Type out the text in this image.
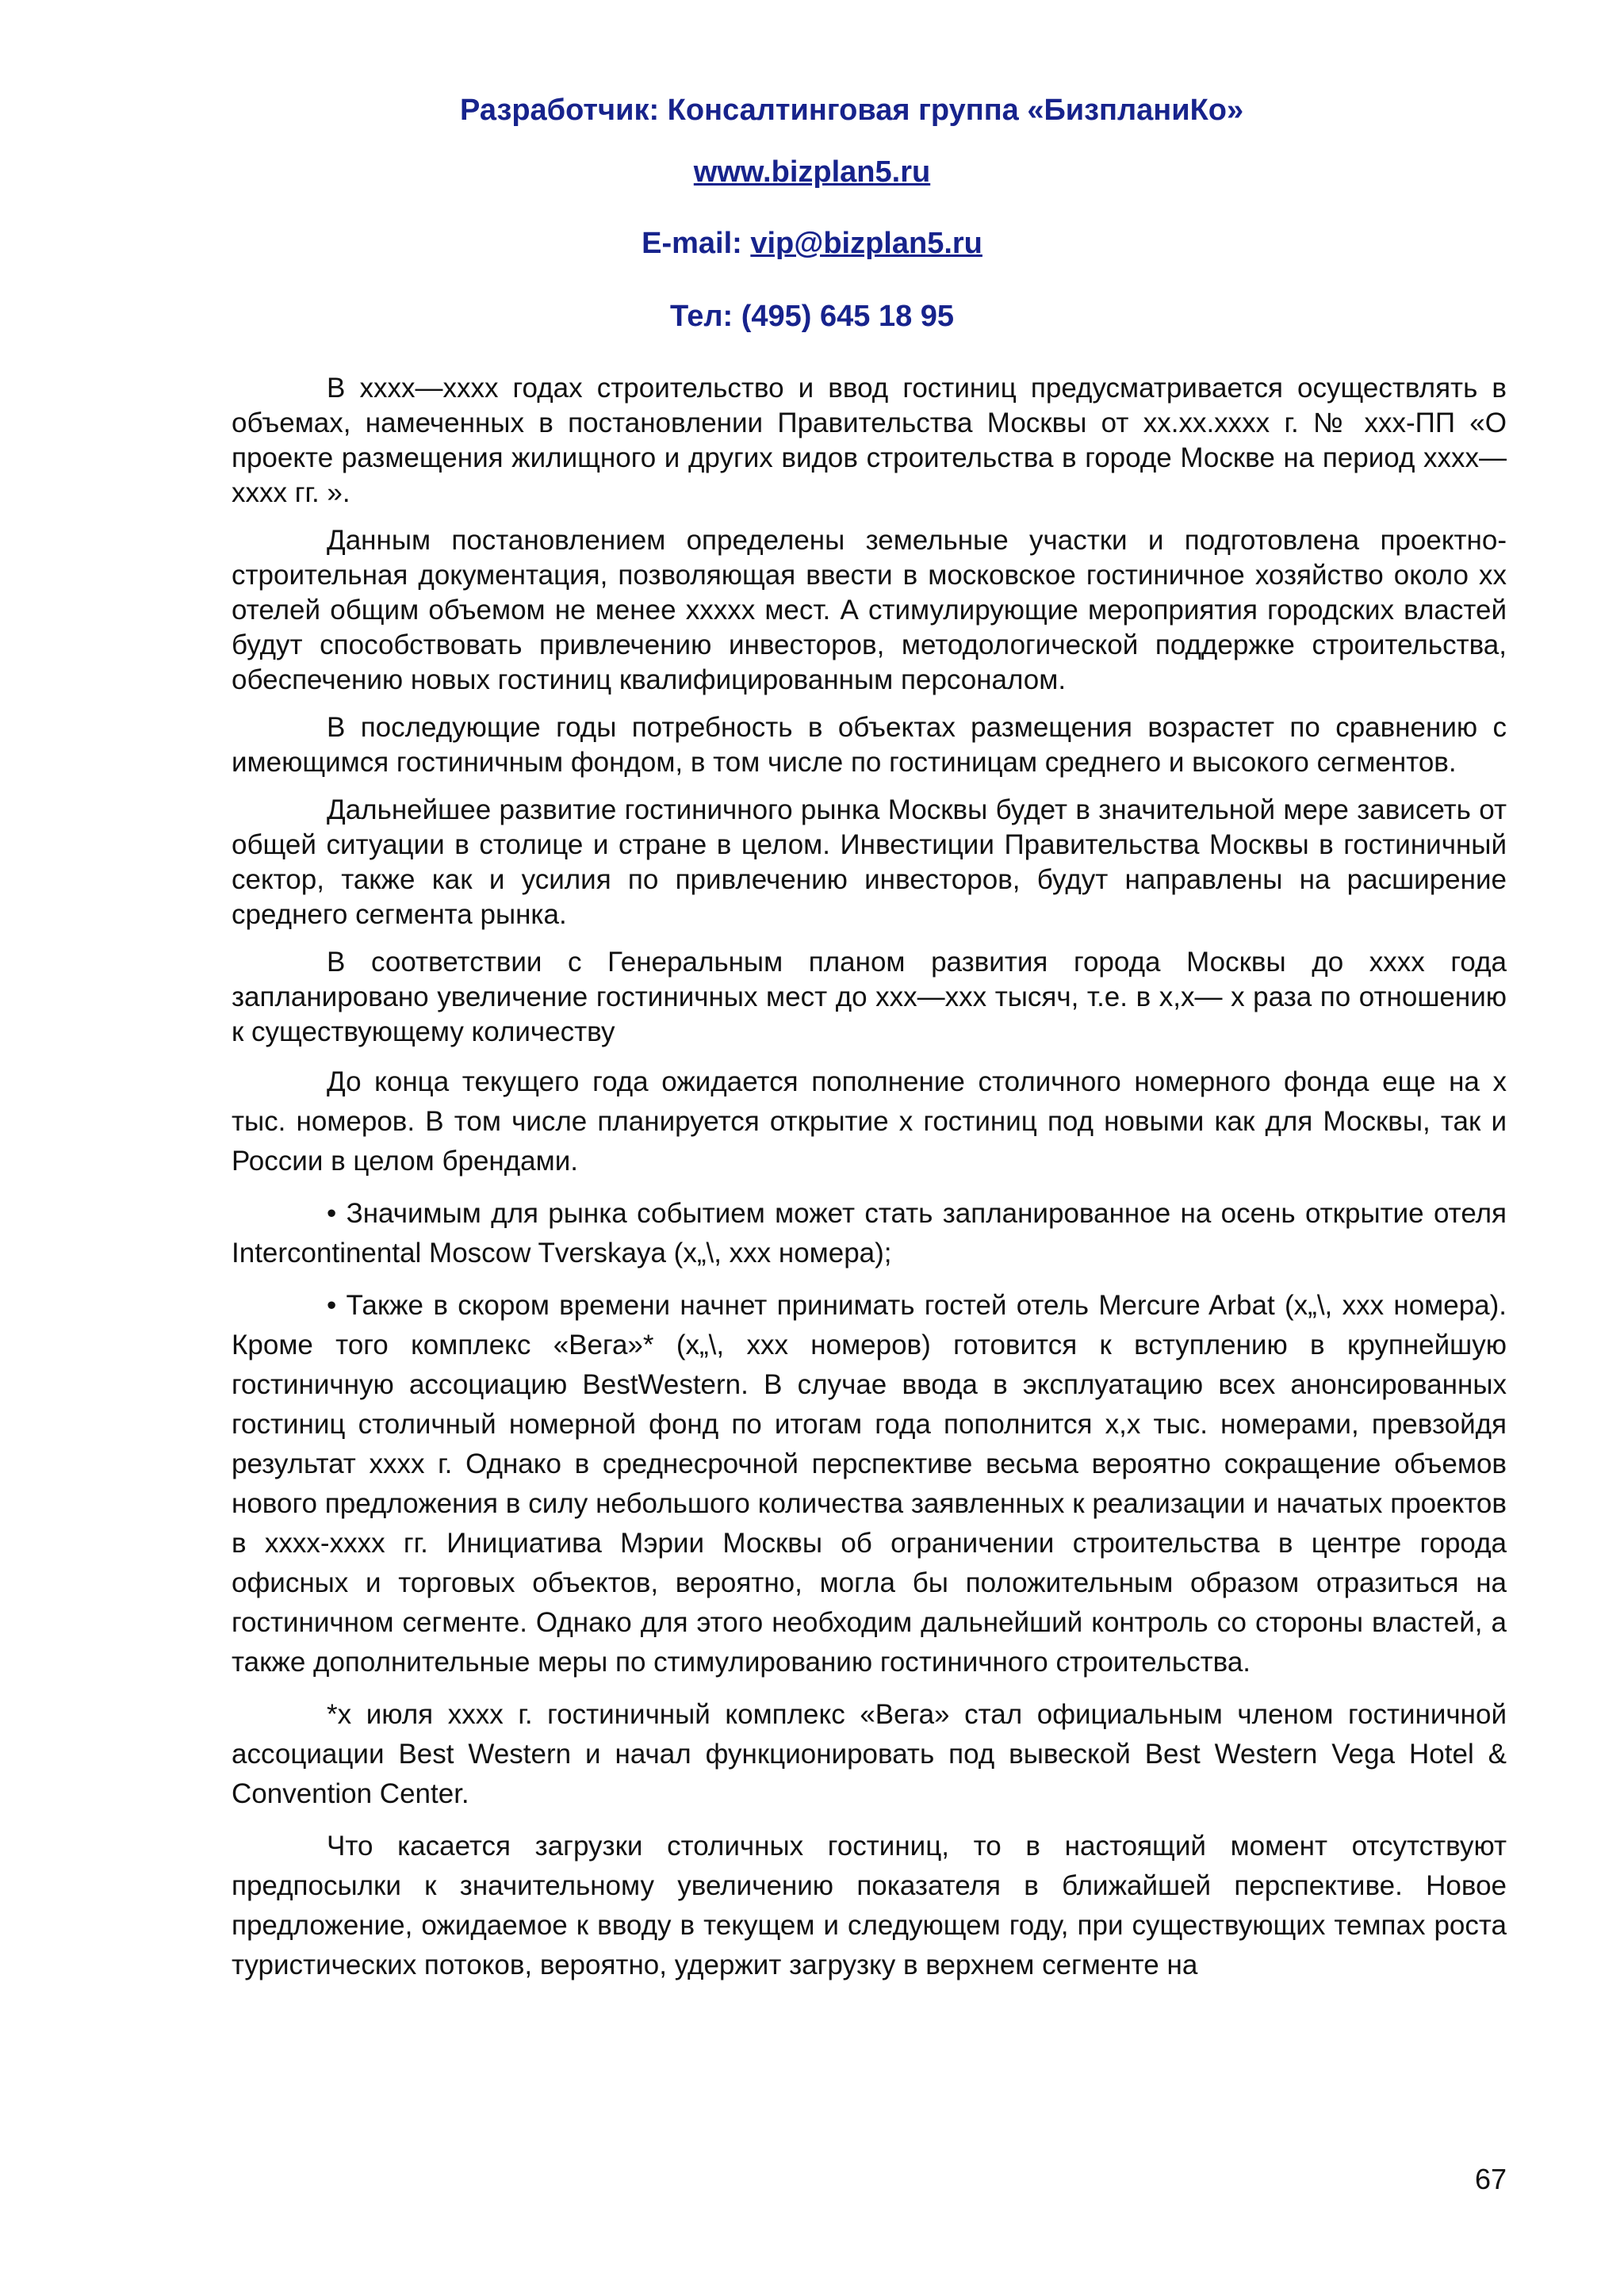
Разработчик: Консалтинговая группа «БизпланиКо»
www.bizplan5.ru
E-mail: vip@bizplan5.ru
Тел: (495) 645 18 95

В хххх—хххх годах строительство и ввод гостиниц предусматривается осуществлять в объемах, намеченных в постановлении Правительства Москвы от хх.хх.хххх г. № ххх-ПП «О проекте размещения жилищного и других видов строительства в городе Москве на период хххх—хххх гг. ».

Данным постановлением определены земельные участки и подготовлена проектно-строительная документация, позволяющая ввести в московское гостиничное хозяйство около хх отелей общим объемом не менее ххххх мест. А стимулирующие мероприятия городских властей будут способствовать привлечению инвесторов, методологической поддержке строительства, обеспечению новых гостиниц квалифицированным персоналом.

В последующие годы потребность в объектах размещения возрастет по сравнению с имеющимся гостиничным фондом, в том числе по гостиницам среднего и высокого сегментов.

Дальнейшее развитие гостиничного рынка Москвы будет в значительной мере зависеть от общей ситуации в столице и стране в целом. Инвестиции Правительства Москвы в гостиничный сектор, также как и усилия по привлечению инвесторов, будут направлены на расширение среднего сегмента рынка.

В соответствии с Генеральным планом развития города Москвы до хххх года запланировано увеличение гостиничных мест до ххх—ххх тысяч, т.е. в х,х— х раза по отношению к существующему количеству

До конца текущего года ожидается пополнение столичного номерного фонда еще на х тыс. номеров. В том числе планируется открытие х гостиниц под новыми как для Москвы, так и России в целом брендами.

• Значимым для рынка событием может стать запланированное на осень открытие отеля Intercontinental Moscow Tverskaya (х„\, ххх номера);

• Также в скором времени начнет принимать гостей отель Mercure Arbat (х„\, ххх номера). Кроме того комплекс «Вега»* (х„\, ххх номеров) готовится к вступлению в крупнейшую гостиничную ассоциацию BestWestern. В случае ввода в эксплуатацию всех анонсированных гостиниц столичный номерной фонд по итогам года пополнится х,х тыс. номерами, превзойдя результат хххх г. Однако в среднесрочной перспективе весьма вероятно сокращение объемов нового предложения в силу небольшого количества заявленных к реализации и начатых проектов в хххх-хххх гг. Инициатива Мэрии Москвы об ограничении строительства в центре города офисных и торговых объектов, вероятно, могла бы положительным образом отразиться на гостиничном сегменте. Однако для этого необходим дальнейший контроль со стороны властей, а также дополнительные меры по стимулированию гостиничного строительства.

*х июля хххх г. гостиничный комплекс «Вега» стал официальным членом гостиничной ассоциации Best Western и начал функционировать под вывеской Best Western Vega Hotel & Convention Center.

Что касается загрузки столичных гостиниц, то в настоящий момент отсутствуют предпосылки к значительному увеличению показателя в ближайшей перспективе. Новое предложение, ожидаемое к вводу в текущем и следующем году, при существующих темпах роста туристических потоков, вероятно, удержит загрузку в верхнем сегменте на

67
